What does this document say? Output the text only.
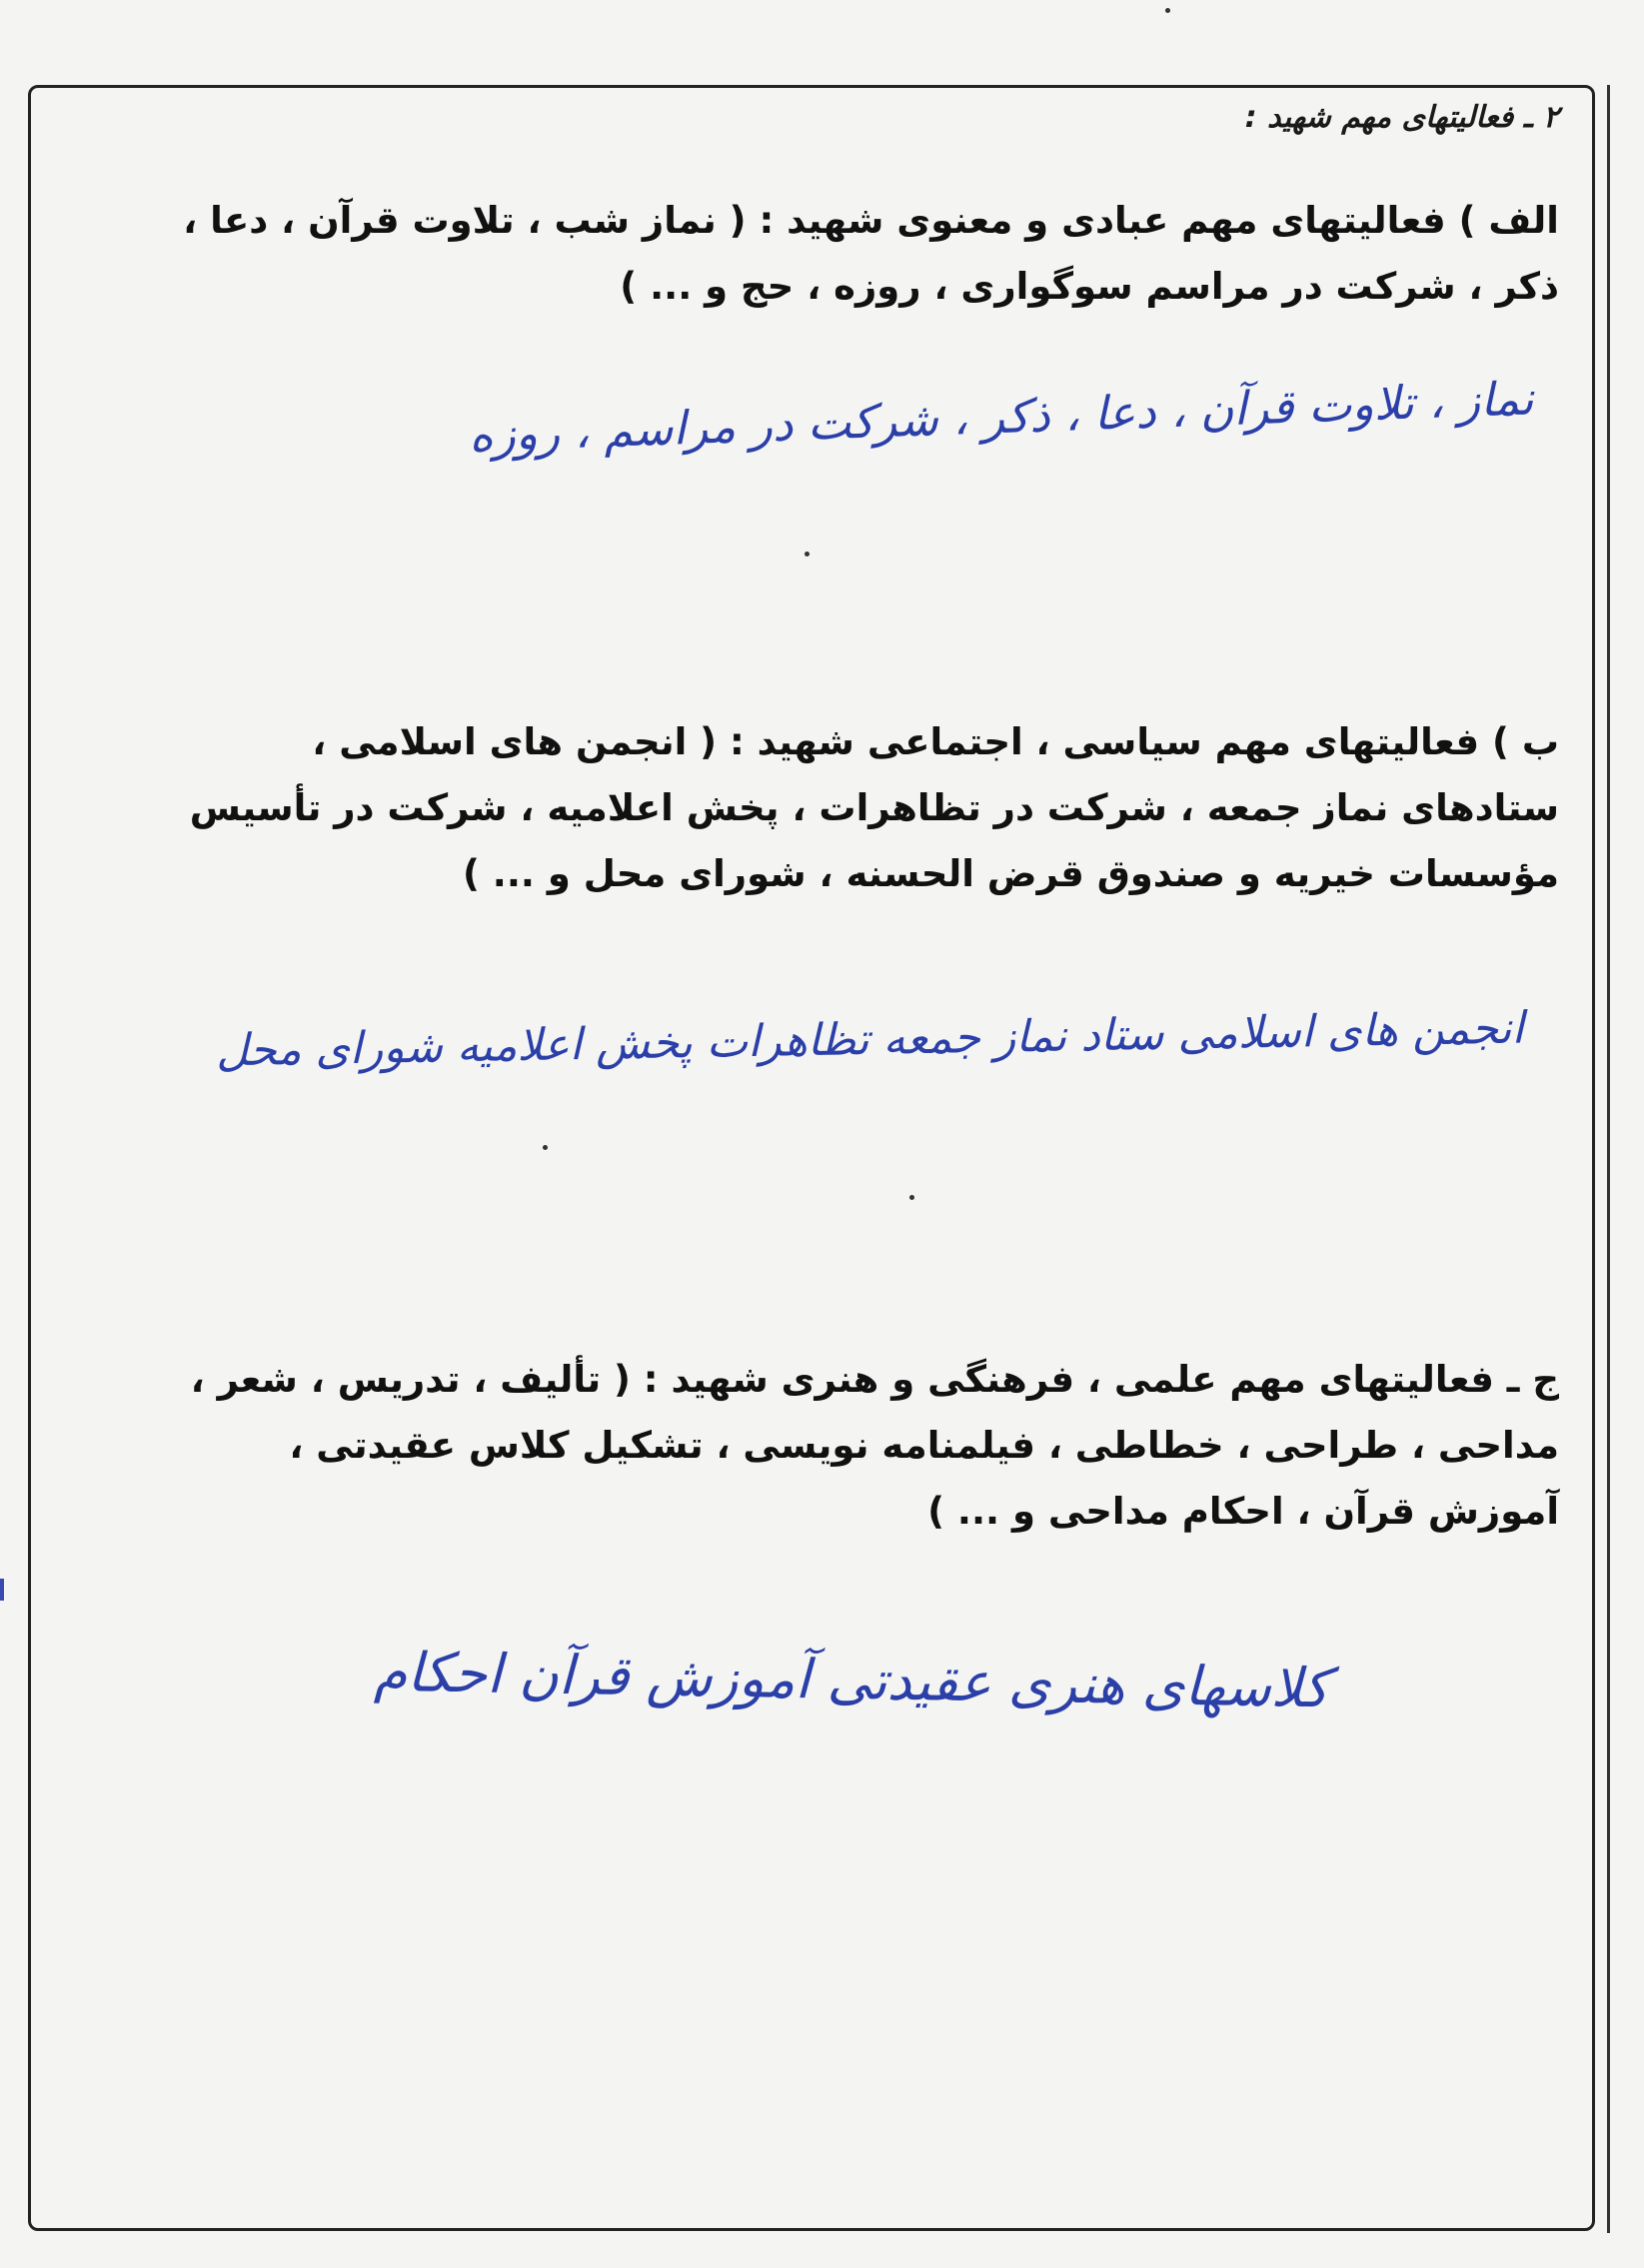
۲ ـ فعالیتهای مهم شهید :

الف ) فعالیتهای مهم عبادی و معنوی شهید : ( نماز شب ، تلاوت قرآن ، دعا ،
ذکر ، شرکت در مراسم سوگواری ، روزه ، حج و ... )

نماز ، تلاوت قرآن ، دعا ، ذکر ، شرکت در مراسم ، روزه

ب ) فعالیتهای مهم سیاسی ، اجتماعی شهید : ( انجمن های اسلامی ،
ستادهای نماز جمعه ، شرکت در تظاهرات ، پخش اعلامیه ، شرکت در تأسیس
مؤسسات خیریه و صندوق قرض الحسنه ، شورای محل و ... )

انجمن های اسلامی ستاد نماز جمعه تظاهرات پخش اعلامیه شورای محل

ج ـ فعالیتهای مهم علمی ، فرهنگی و هنری شهید : ( تألیف ، تدریس ، شعر ،
مداحی ، طراحی ، خطاطی ، فیلمنامه نویسی ، تشکیل کلاس عقیدتی ،
آموزش قرآن ، احکام مداحی و ... )

کلاسهای هنری عقیدتی آموزش قرآن احکام
